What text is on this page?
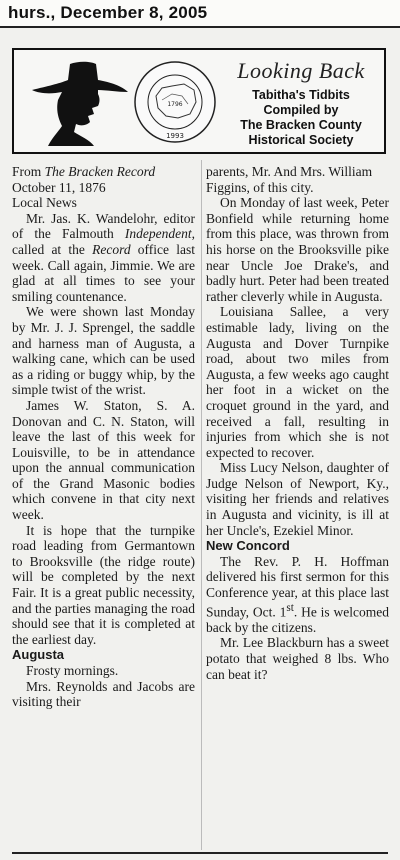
hurs., December 8, 2005
1796
1993
Looking Back
Tabitha's Tidbits
Compiled by
The Bracken County
Historical Society

From The Bracken Record

October 11, 1876

Local News

Mr. Jas. K. Wandelohr, editor of the Falmouth Independent, called at the Record office last week. Call again, Jimmie. We are glad at all times to see your smiling countenance.

We were shown last Monday by Mr. J. J. Sprengel, the saddle and harness man of Augusta, a walking cane, which can be used as a riding or buggy whip, by the simple twist of the wrist.

James W. Staton, S. A. Donovan and C. N. Staton, will leave the last of this week for Louisville, to be in attendance upon the annual communication of the Grand Masonic bodies which convene in that city next week.

It is hope that the turnpike road leading from Germantown to Brooksville (the ridge route) will be completed by the next Fair. It is a great public necessity, and the parties managing the road should see that it is completed at the earliest day.

Augusta

Frosty mornings.

Mrs. Reynolds and Jacobs are visiting their

parents, Mr. And Mrs. William Figgins, of this city.

On Monday of last week, Peter Bonfield while returning home from this place, was thrown from his horse on the Brooksville pike near Uncle Joe Drake's, and badly hurt. Peter had been treated rather cleverly while in Augusta.

Louisiana Sallee, a very estimable lady, living on the Augusta and Dover Turnpike road, about two miles from Augusta, a few weeks ago caught her foot in a wicket on the croquet ground in the yard, and received a fall, resulting in injuries from which she is not expected to recover.

Miss Lucy Nelson, daughter of Judge Nelson of Newport, Ky., visiting her friends and relatives in Augusta and vicinity, is ill at her Uncle's, Ezekiel Minor.

New Concord

The Rev. P. H. Hoffman delivered his first sermon for this Conference year, at this place last Sunday, Oct. 1st. He is welcomed back by the citizens.

Mr. Lee Blackburn has a sweet potato that weighed 8 lbs. Who can beat it?
